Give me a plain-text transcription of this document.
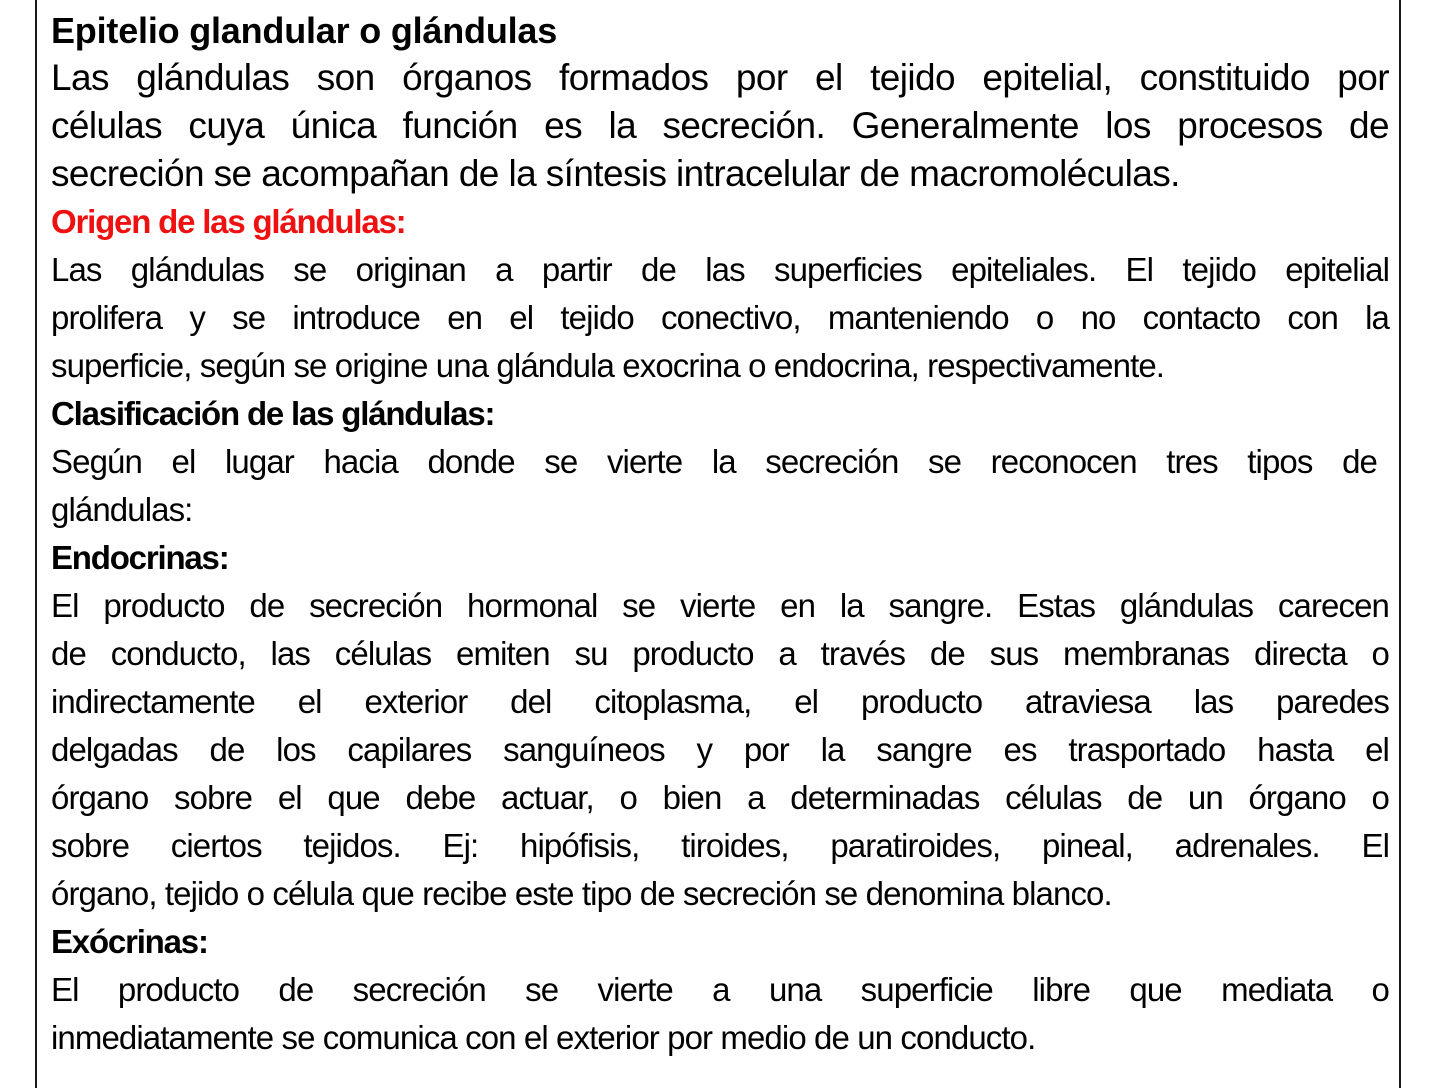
Epitelio glandular o glándulas

Las glándulas son órganos formados por el tejido epitelial, constituido por
células cuya única función es la secreción. Generalmente los procesos de
secreción se acompañan de la síntesis intracelular de macromoléculas.

Origen de las glándulas:

Las glándulas se originan a partir de las superficies epiteliales. El tejido epitelial
prolifera y se introduce en el tejido conectivo, manteniendo o no contacto con la
superficie, según se origine una glándula exocrina o endocrina, respectivamente.

Clasificación de las glándulas:

Según el lugar hacia donde se vierte la secreción se reconocen tres tipos de
glándulas:

Endocrinas:

El producto de secreción hormonal se vierte en la sangre. Estas glándulas carecen
de conducto, las células emiten su producto a través de sus membranas directa o
indirectamente el exterior del citoplasma, el producto atraviesa las paredes
delgadas de los capilares sanguíneos y por la sangre es trasportado hasta el
órgano sobre el que debe actuar, o bien a determinadas células de un órgano o
sobre ciertos tejidos. Ej: hipófisis, tiroides, paratiroides, pineal, adrenales. El
órgano, tejido o célula que recibe este tipo de secreción se denomina blanco.

Exócrinas:

El producto de secreción se vierte a una superficie libre que mediata o
inmediatamente se comunica con el exterior por medio de un conducto.
